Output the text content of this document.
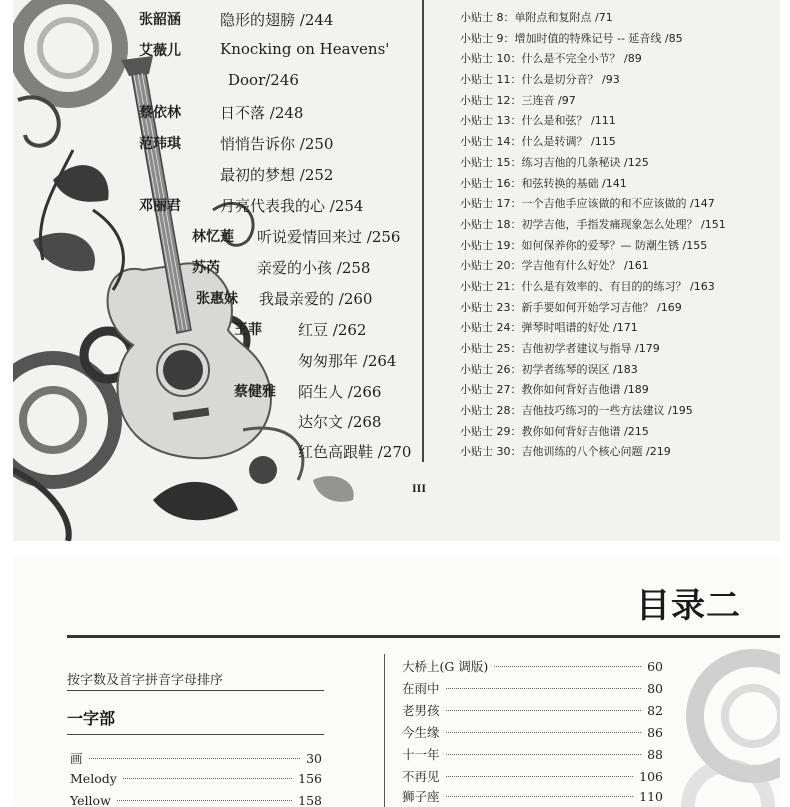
张韶涵	隐形的翅膀 /244
艾薇儿	Knocking on Heavens'
Door/246
蔡依林	日不落 /248
范玮琪	悄悄告诉你 /250
最初的梦想 /252
邓丽君	月亮代表我的心 /254
林忆莲 听说爱情回来过 /256
苏芮 亲爱的小孩 /258
张惠妹 我最亲爱的 /260
王菲 红豆 /262
匆匆那年 /264
蔡健雅 陌生人 /266
达尔文 /268
红色高跟鞋 /270
III
小贴士 8：单附点和复附点 /71
小贴士 9：增加时值的特殊记号 -- 延音线 /85
小贴士 10：什么是不完全小节？ /89
小贴士 11：什么是切分音？ /93
小贴士 12：三连音 /97
小贴士 13：什么是和弦？ /111
小贴士 14：什么是转调？ /115
小贴士 15：练习吉他的几条秘诀 /125
小贴士 16：和弦转换的基础 /141
小贴士 17：一个吉他手应该做的和不应该做的 /147
小贴士 18：初学吉他，手指发痛现象怎么处理？ /151
小贴士 19：如何保养你的爱琴？— 防潮生锈 /155
小贴士 20：学吉他有什么好处？ /161
小贴士 21：什么是有效率的、有目的的练习？ /163
小贴士 23：新手要如何开始学习吉他？ /169
小贴士 24：弹琴时唱谱的好处 /171
小贴士 25：吉他初学者建议与指导 /179
小贴士 26：初学者练琴的误区 /183
小贴士 27：教你如何背好吉他谱 /189
小贴士 28：吉他技巧练习的一些方法建议 /195
小贴士 29：教你如何背好吉他谱 /215
小贴士 30：吉他训练的八个核心问题 /219
目录二
按字数及首字拼音字母排序
一字部
画	30
Melody	156
Yellow	158
大桥上(G 调版)	60
在雨中	80
老男孩	82
今生缘	86
十一年	88
不再见	106
狮子座	110
